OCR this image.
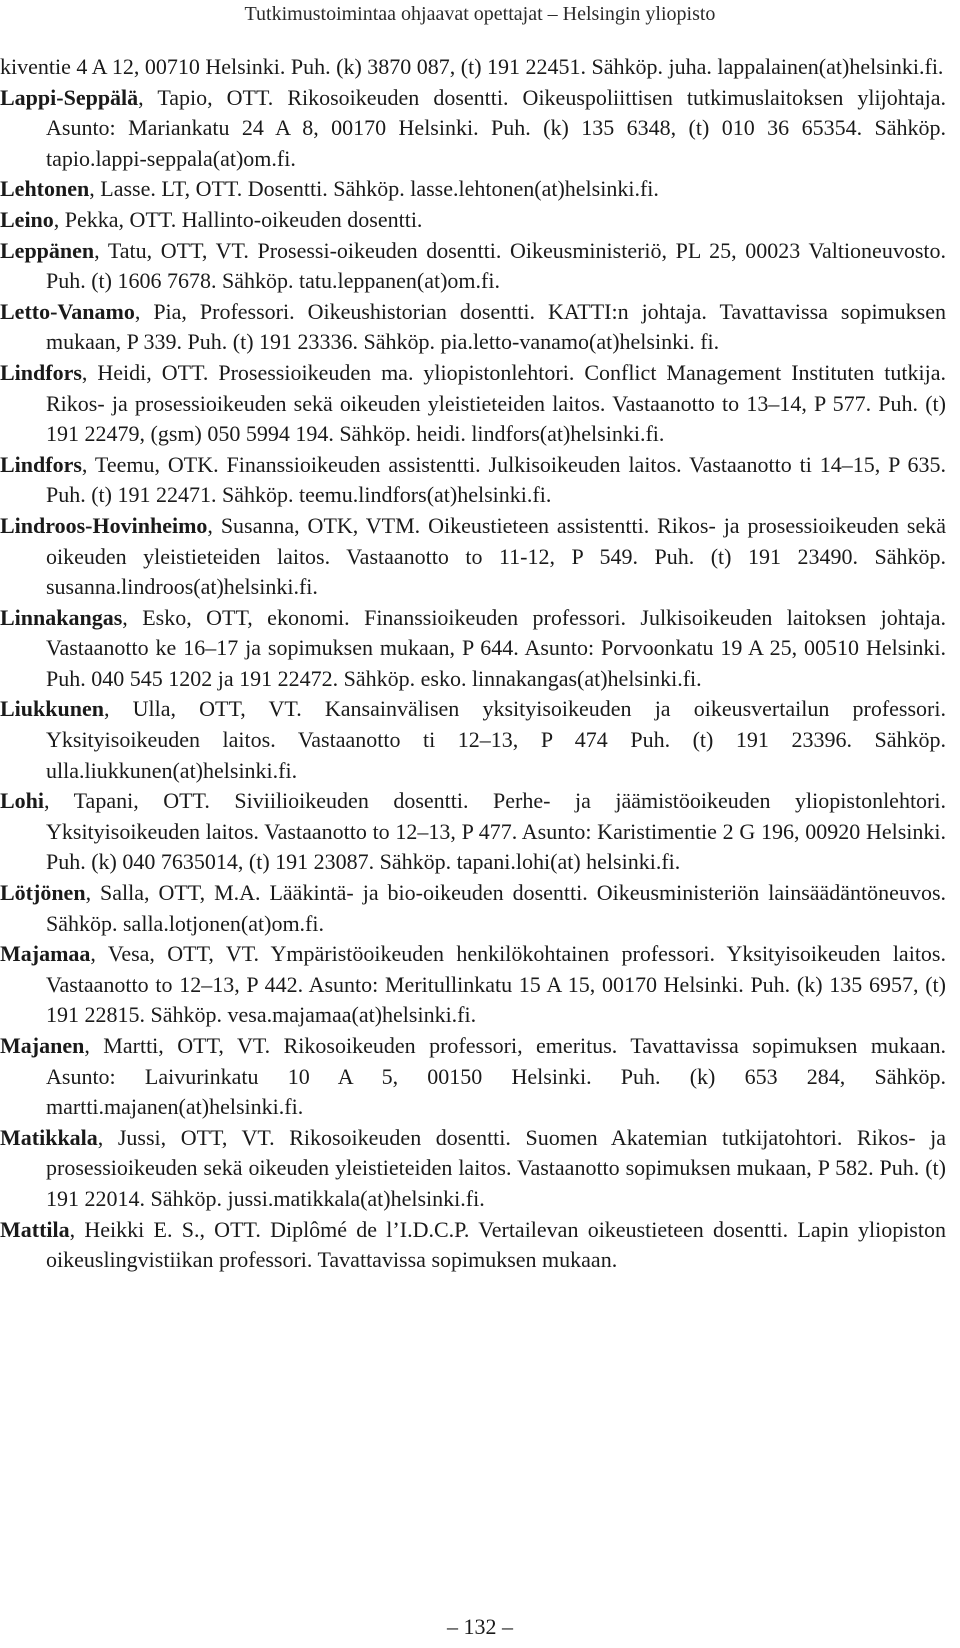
Tutkimustoimintaa ohjaavat opettajat – Helsingin yliopisto

kiventie 4 A 12, 00710 Helsinki. Puh. (k) 3870 087, (t) 191 22451. Sähköp. juha. lappalainen(at)helsinki.fi.

Lappi-Seppälä, Tapio, OTT. Rikosoikeuden dosentti. Oikeuspoliittisen tutkimuslaitoksen ylijohtaja. Asunto: Mariankatu 24 A 8, 00170 Helsinki. Puh. (k) 135 6348, (t) 010 36 65354. Sähköp. tapio.lappi-seppala(at)om.fi.

Lehtonen, Lasse. LT, OTT. Dosentti. Sähköp. lasse.lehtonen(at)helsinki.fi.

Leino, Pekka, OTT. Hallinto-oikeuden dosentti.

Leppänen, Tatu, OTT, VT. Prosessi-oikeuden dosentti. Oikeusministeriö, PL 25, 00023 Valtioneuvosto. Puh. (t) 1606 7678. Sähköp. tatu.leppanen(at)om.fi.

Letto-Vanamo, Pia, Professori. Oikeushistorian dosentti. KATTI:n johtaja. Tavattavissa sopimuksen mukaan, P 339. Puh. (t) 191 23336. Sähköp. pia.letto-vanamo(at)helsinki. fi.

Lindfors, Heidi, OTT. Prosessioikeuden ma. yliopistonlehtori. Conflict Management Instituten tutkija. Rikos- ja prosessioikeuden sekä oikeuden yleistieteiden laitos. Vastaanotto to 13–14, P 577. Puh. (t) 191 22479, (gsm) 050 5994 194. Sähköp. heidi. lindfors(at)helsinki.fi.

Lindfors, Teemu, OTK. Finanssioikeuden assistentti. Julkisoikeuden laitos. Vastaanotto ti 14–15, P 635. Puh. (t) 191 22471. Sähköp. teemu.lindfors(at)helsinki.fi.

Lindroos-Hovinheimo, Susanna, OTK, VTM. Oikeustieteen assistentti. Rikos- ja prosessioikeuden sekä oikeuden yleistieteiden laitos. Vastaanotto to 11-12, P 549. Puh. (t) 191 23490. Sähköp. susanna.lindroos(at)helsinki.fi.

Linnakangas, Esko, OTT, ekonomi. Finanssioikeuden professori. Julkisoikeuden laitoksen johtaja. Vastaanotto ke 16–17 ja sopimuksen mukaan, P 644. Asunto: Porvoonkatu 19 A 25, 00510 Helsinki. Puh. 040 545 1202 ja 191 22472. Sähköp. esko. linnakangas(at)helsinki.fi.

Liukkunen, Ulla, OTT, VT. Kansainvälisen yksityisoikeuden ja oikeusvertailun professori. Yksityisoikeuden laitos. Vastaanotto ti 12–13, P 474 Puh. (t) 191 23396. Sähköp. ulla.liukkunen(at)helsinki.fi.

Lohi, Tapani, OTT. Siviilioikeuden dosentti. Perhe- ja jäämistöoikeuden yliopistonlehtori. Yksityisoikeuden laitos. Vastaanotto to 12–13, P 477. Asunto: Karistimentie 2 G 196, 00920 Helsinki. Puh. (k) 040 7635014, (t) 191 23087. Sähköp. tapani.lohi(at) helsinki.fi.

Lötjönen, Salla, OTT, M.A. Lääkintä- ja bio-oikeuden dosentti. Oikeusministeriön lainsäädäntöneuvos. Sähköp. salla.lotjonen(at)om.fi.

Majamaa, Vesa, OTT, VT. Ympäristöoikeuden henkilökohtainen professori. Yksityisoikeuden laitos. Vastaanotto to 12–13, P 442. Asunto: Meritullinkatu 15 A 15, 00170 Helsinki. Puh. (k) 135 6957, (t) 191 22815. Sähköp. vesa.majamaa(at)helsinki.fi.

Majanen, Martti, OTT, VT. Rikosoikeuden professori, emeritus. Tavattavissa sopimuksen mukaan. Asunto: Laivurinkatu 10 A 5, 00150 Helsinki. Puh. (k) 653 284, Sähköp. martti.majanen(at)helsinki.fi.

Matikkala, Jussi, OTT, VT. Rikosoikeuden dosentti. Suomen Akatemian tutkijatohtori. Rikos- ja prosessioikeuden sekä oikeuden yleistieteiden laitos. Vastaanotto sopimuksen mukaan, P 582. Puh. (t) 191 22014. Sähköp. jussi.matikkala(at)helsinki.fi.

Mattila, Heikki E. S., OTT. Diplômé de l’I.D.C.P. Vertailevan oikeustieteen dosentti. Lapin yliopiston oikeuslingvistiikan professori. Tavattavissa sopimuksen mukaan.

– 132 –
